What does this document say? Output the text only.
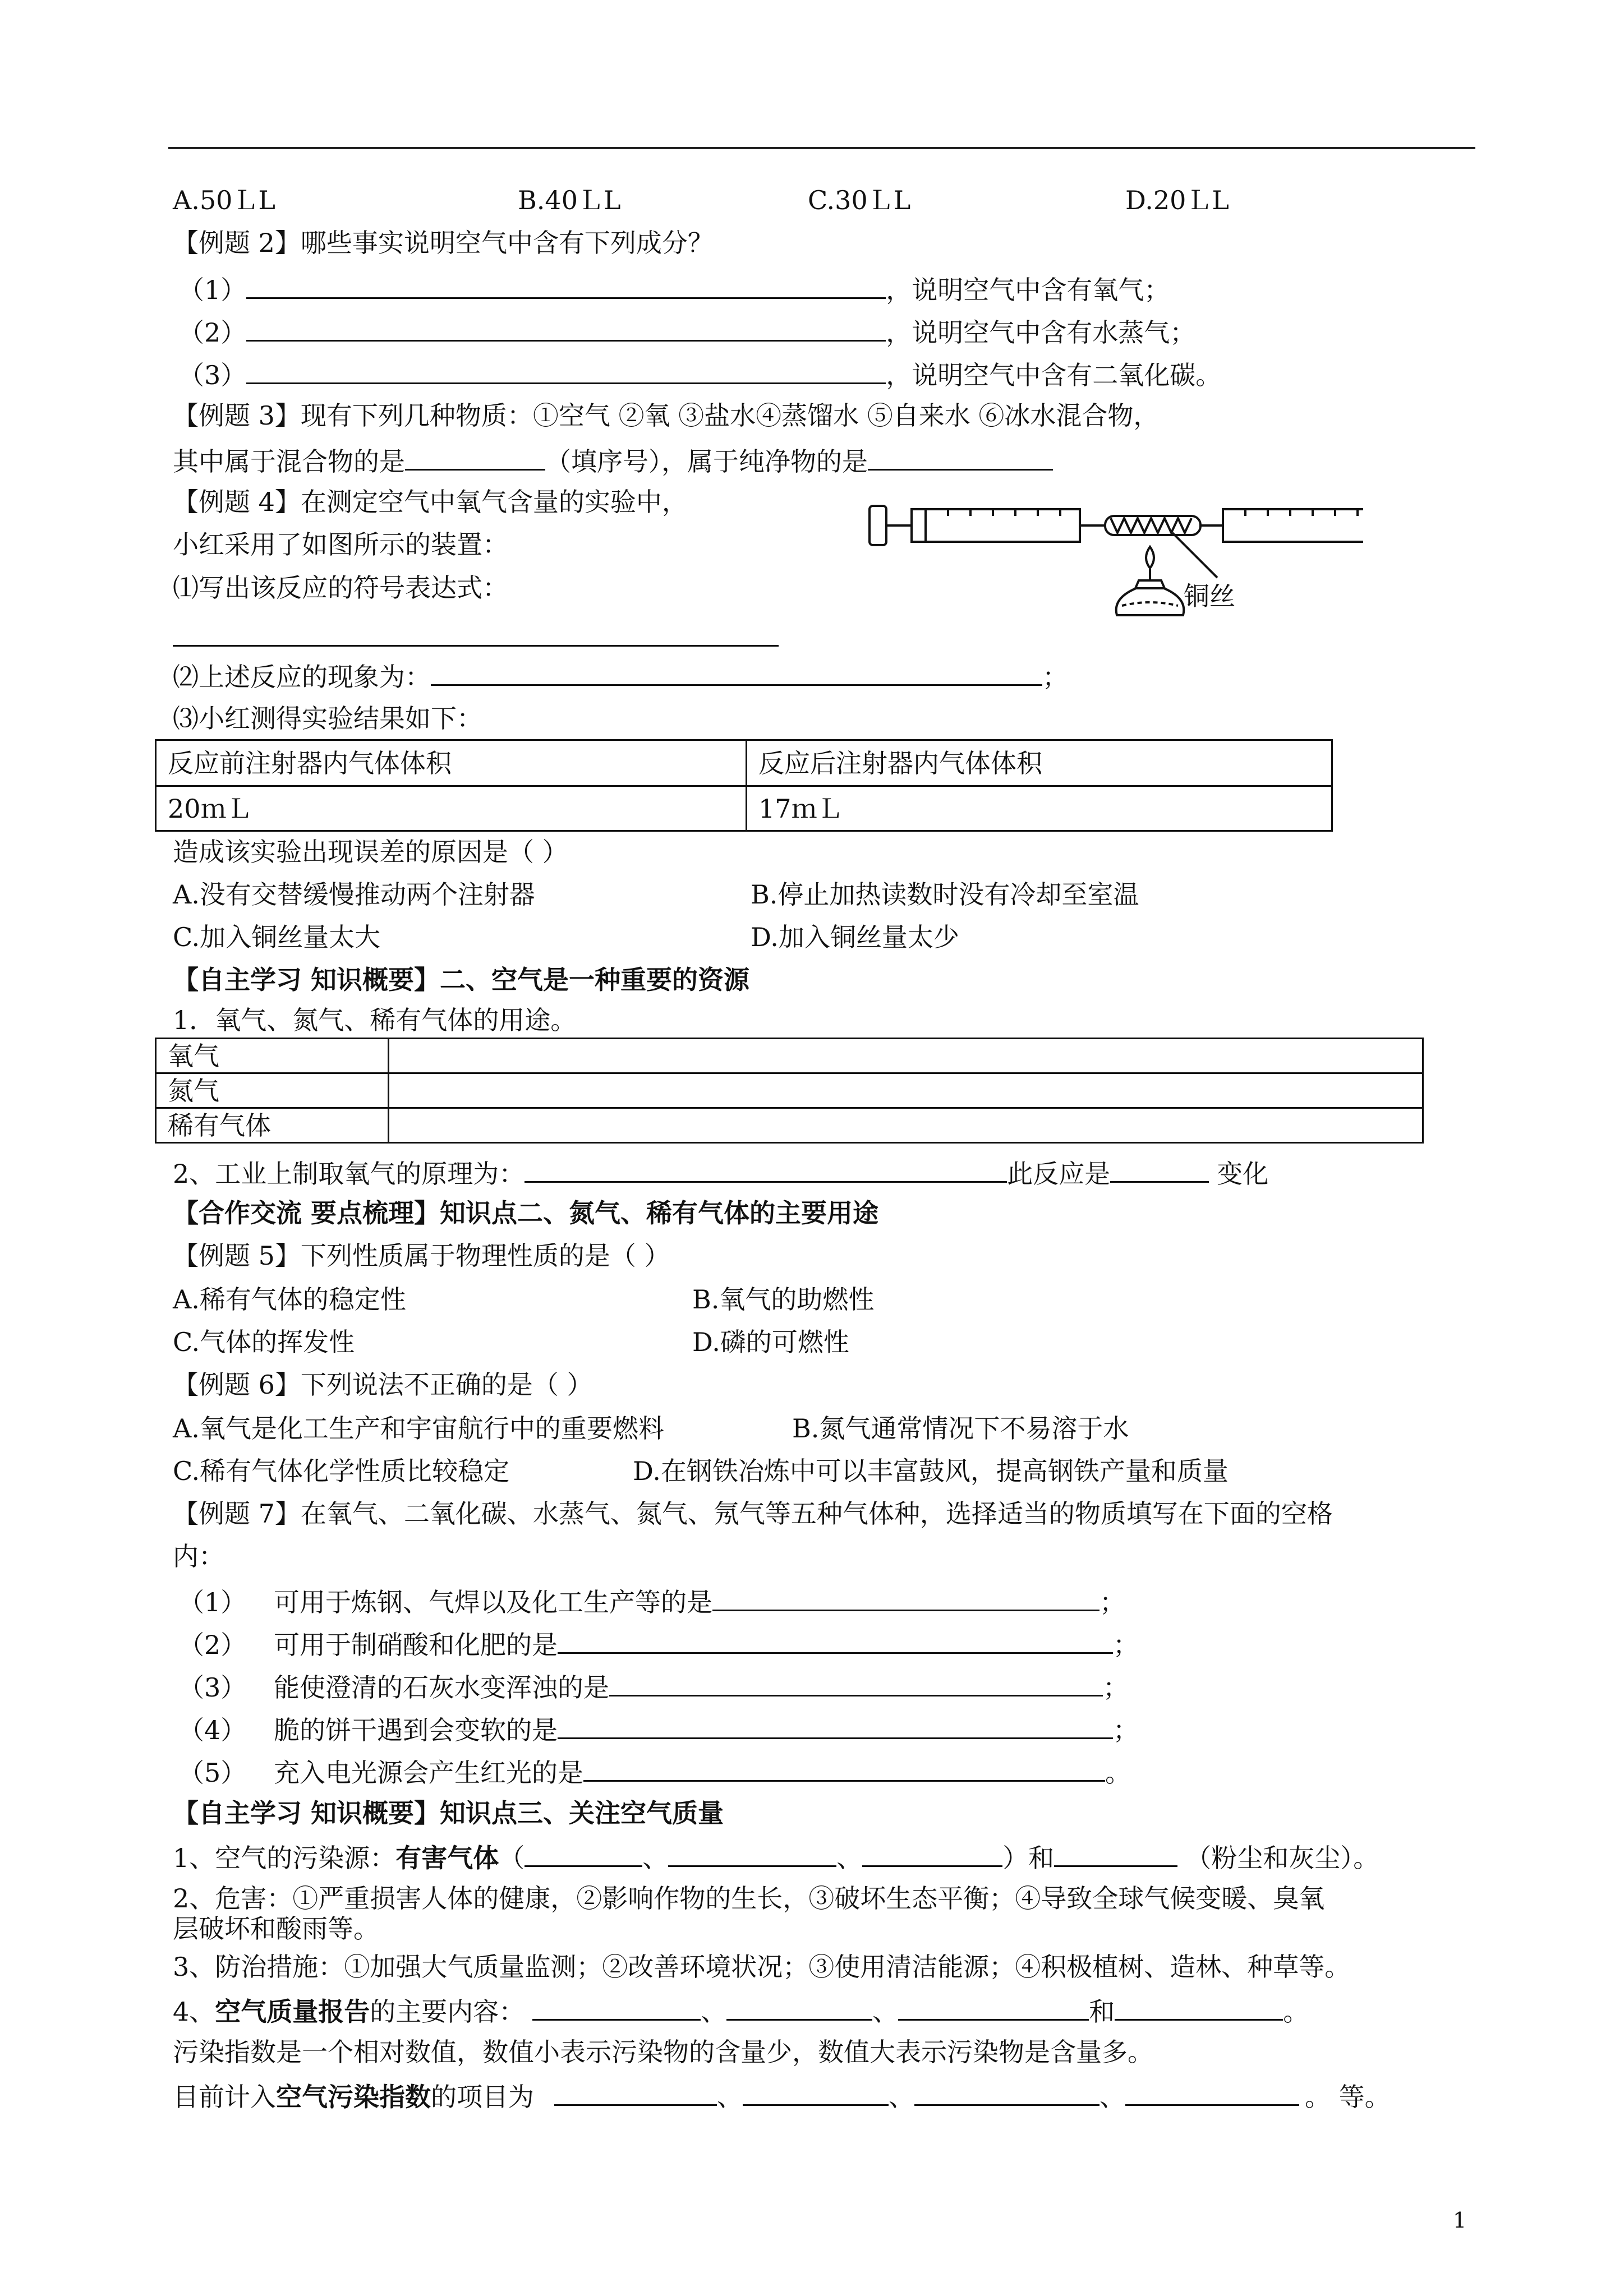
A.50ＬL	B.40ＬL	C.30ＬL	D.20ＬL
【例题 2】哪些事实说明空气中含有下列成分？
（1）	，说明空气中含有氧气；
（2）	，说明空气中含有水蒸气；
（3）	，说明空气中含有二氧化碳。
【例题 3】现有下列几种物质：①空气 ②氧 ③盐水④蒸馏水 ⑤自来水 ⑥冰水混合物，
其中属于混合物的是	（填序号），属于纯净物的是
【例题 4】在测定空气中氧气含量的实验中，
小红采用了如图所示的装置：
⑴写出该反应的符号表达式：	铜丝
⑵上述反应的现象为：	；
⑶小红测得实验结果如下：
反应前注射器内气体体积	反应后注射器内气体体积
20ｍＬ	17ｍＬ
造成该实验出现误差的原因是（ ）
A.没有交替缓慢推动两个注射器	B.停止加热读数时没有冷却至室温
C.加入铜丝量太大	D.加入铜丝量太少
【自主学习 知识概要】二、空气是一种重要的资源
1．氧气、氮气、稀有气体的用途。
氧气	
氮气	
稀有气体	
2、工业上制取氧气的原理为：	此反应是	变化
【合作交流 要点梳理】知识点二、氮气、稀有气体的主要用途
【例题 5】下列性质属于物理性质的是（ ）
A.稀有气体的稳定性	B.氧气的助燃性
C.气体的挥发性	D.磷的可燃性
【例题 6】下列说法不正确的是（ ）
A.氧气是化工生产和宇宙航行中的重要燃料	B.氮气通常情况下不易溶于水
C.稀有气体化学性质比较稳定	D.在钢铁冶炼中可以丰富鼓风，提高钢铁产量和质量
【例题 7】在氧气、二氧化碳、水蒸气、氮气、氖气等五种气体种，选择适当的物质填写在下面的空格
内：
（1） 可用于炼钢、气焊以及化工生产等的是	；
（2） 可用于制硝酸和化肥的是	；
（3） 能使澄清的石灰水变浑浊的是	；
（4） 脆的饼干遇到会变软的是	；
（5） 充入电光源会产生红光的是	。
【自主学习 知识概要】知识点三、关注空气质量
1、空气的污染源：有害气体（	、	、	）和	（粉尘和灰尘）。
2、危害：①严重损害人体的健康，②影响作物的生长，③破坏生态平衡；④导致全球气候变暖、臭氧
层破坏和酸雨等。
3、防治措施：①加强大气质量监测；②改善环境状况；③使用清洁能源；④积极植树、造林、种草等。
4、空气质量报告的主要内容：	、	、	和	。
污染指数是一个相对数值，数值小表示污染物的含量少，数值大表示污染物是含量多。
目前计入空气污染指数的项目为	、	、	、	。 等。
1
